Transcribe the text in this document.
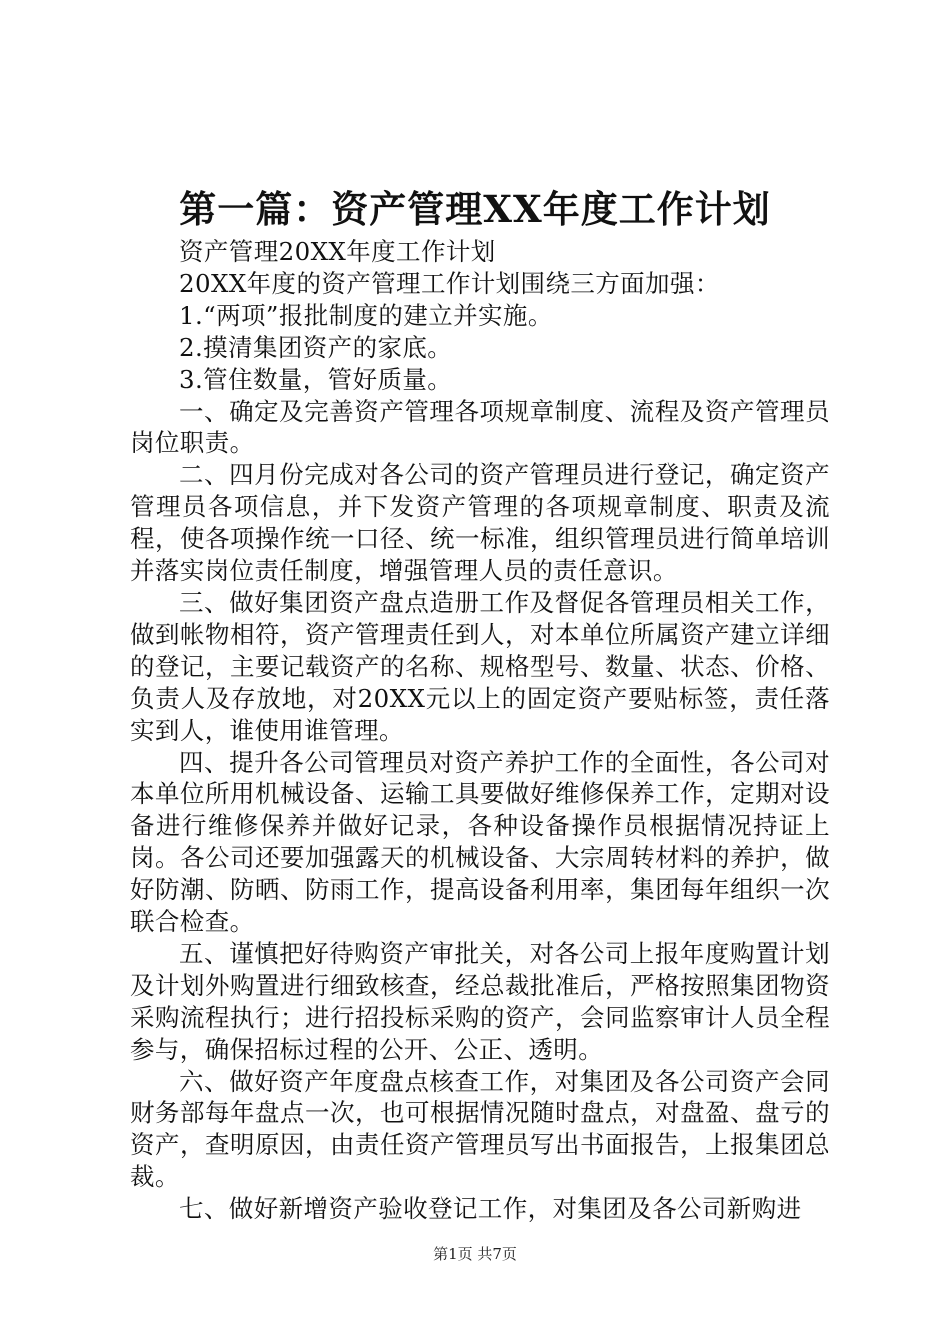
第一篇：资产管理XX年度工作计划

资产管理20XX年度工作计划

20XX年度的资产管理工作计划围绕三方面加强：

1.“两项”报批制度的建立并实施。

2.摸清集团资产的家底。

3.管住数量，管好质量。

一、确定及完善资产管理各项规章制度、流程及资产管理员岗位职责。

二、四月份完成对各公司的资产管理员进行登记，确定资产管理员各项信息，并下发资产管理的各项规章制度、职责及流程，使各项操作统一口径、统一标准，组织管理员进行简单培训并落实岗位责任制度，增强管理人员的责任意识。

三、做好集团资产盘点造册工作及督促各管理员相关工作，做到帐物相符，资产管理责任到人，对本单位所属资产建立详细的登记，主要记载资产的名称、规格型号、数量、状态、价格、负责人及存放地，对20XX元以上的固定资产要贴标签，责任落实到人，谁使用谁管理。

四、提升各公司管理员对资产养护工作的全面性，各公司对本单位所用机械设备、运输工具要做好维修保养工作，定期对设备进行维修保养并做好记录，各种设备操作员根据情况持证上岗。各公司还要加强露天的机械设备、大宗周转材料的养护，做好防潮、防晒、防雨工作，提高设备利用率，集团每年组织一次联合检查。

五、谨慎把好待购资产审批关，对各公司上报年度购置计划及计划外购置进行细致核查，经总裁批准后，严格按照集团物资采购流程执行；进行招投标采购的资产，会同监察审计人员全程参与，确保招标过程的公开、公正、透明。

六、做好资产年度盘点核查工作，对集团及各公司资产会同财务部每年盘点一次，也可根据情况随时盘点，对盘盈、盘亏的资产，查明原因，由责任资产管理员写出书面报告，上报集团总裁。

七、做好新增资产验收登记工作，对集团及各公司新购进

第1页 共7页
